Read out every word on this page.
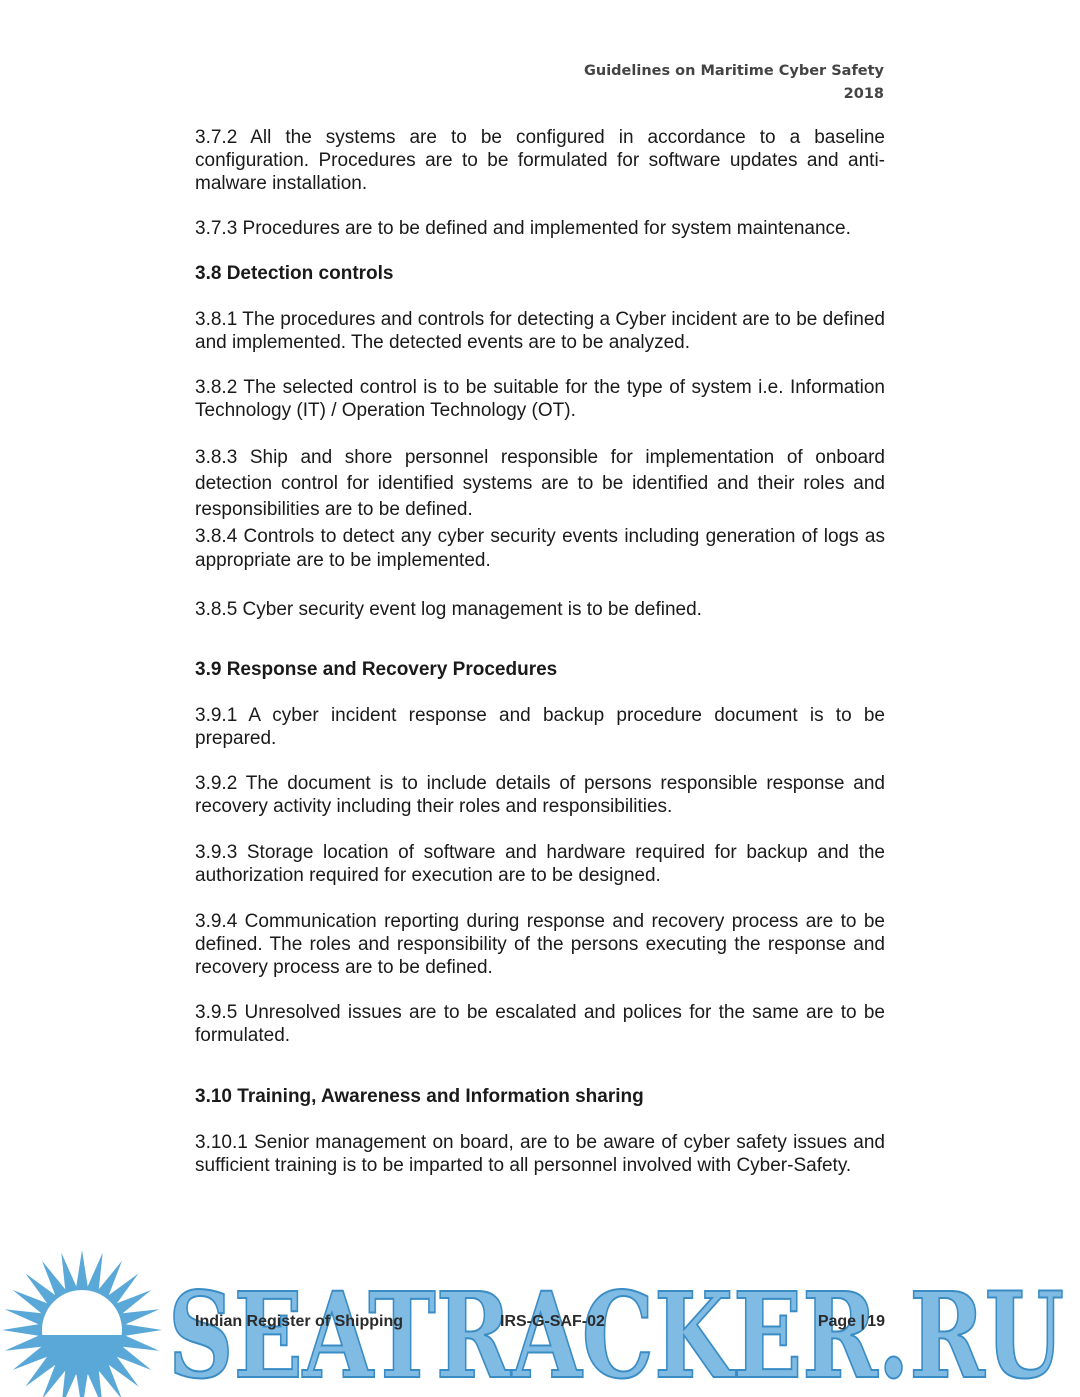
Guidelines on Maritime Cyber Safety
2018

3.7.2 All the systems are to be configured in accordance to a baseline configuration. Procedures are to be formulated for software updates and anti-malware installation.

3.7.3 Procedures are to be defined and implemented for system maintenance.

3.8 Detection controls

3.8.1 The procedures and controls for detecting a Cyber incident are to be defined and implemented. The detected events are to be analyzed.

3.8.2 The selected control is to be suitable for the type of system i.e. Information Technology (IT) / Operation Technology (OT).

3.8.3 Ship and shore personnel responsible for implementation of onboard detection control for identified systems are to be identified and their roles and responsibilities are to be defined.

3.8.4 Controls to detect any cyber security events including generation of logs as appropriate are to be implemented.

3.8.5 Cyber security event log management is to be defined.

3.9 Response and Recovery Procedures

3.9.1 A cyber incident response and backup procedure document is to be prepared.

3.9.2 The document is to include details of persons responsible response and recovery activity including their roles and responsibilities.

3.9.3 Storage location of software and hardware required for backup and the authorization required for execution are to be designed.

3.9.4 Communication reporting during response and recovery process are to be defined. The roles and responsibility of the persons executing the response and recovery process are to be defined.

3.9.5 Unresolved issues are to be escalated and polices for the same are to be formulated.

3.10 Training, Awareness and Information sharing

3.10.1 Senior management on board, are to be aware of cyber safety issues and sufficient training is to be imparted to all personnel involved with Cyber-Safety.

SEATRACKER.RU
Indian Register of Shipping	IRS-G-SAF-02	Page | 19
